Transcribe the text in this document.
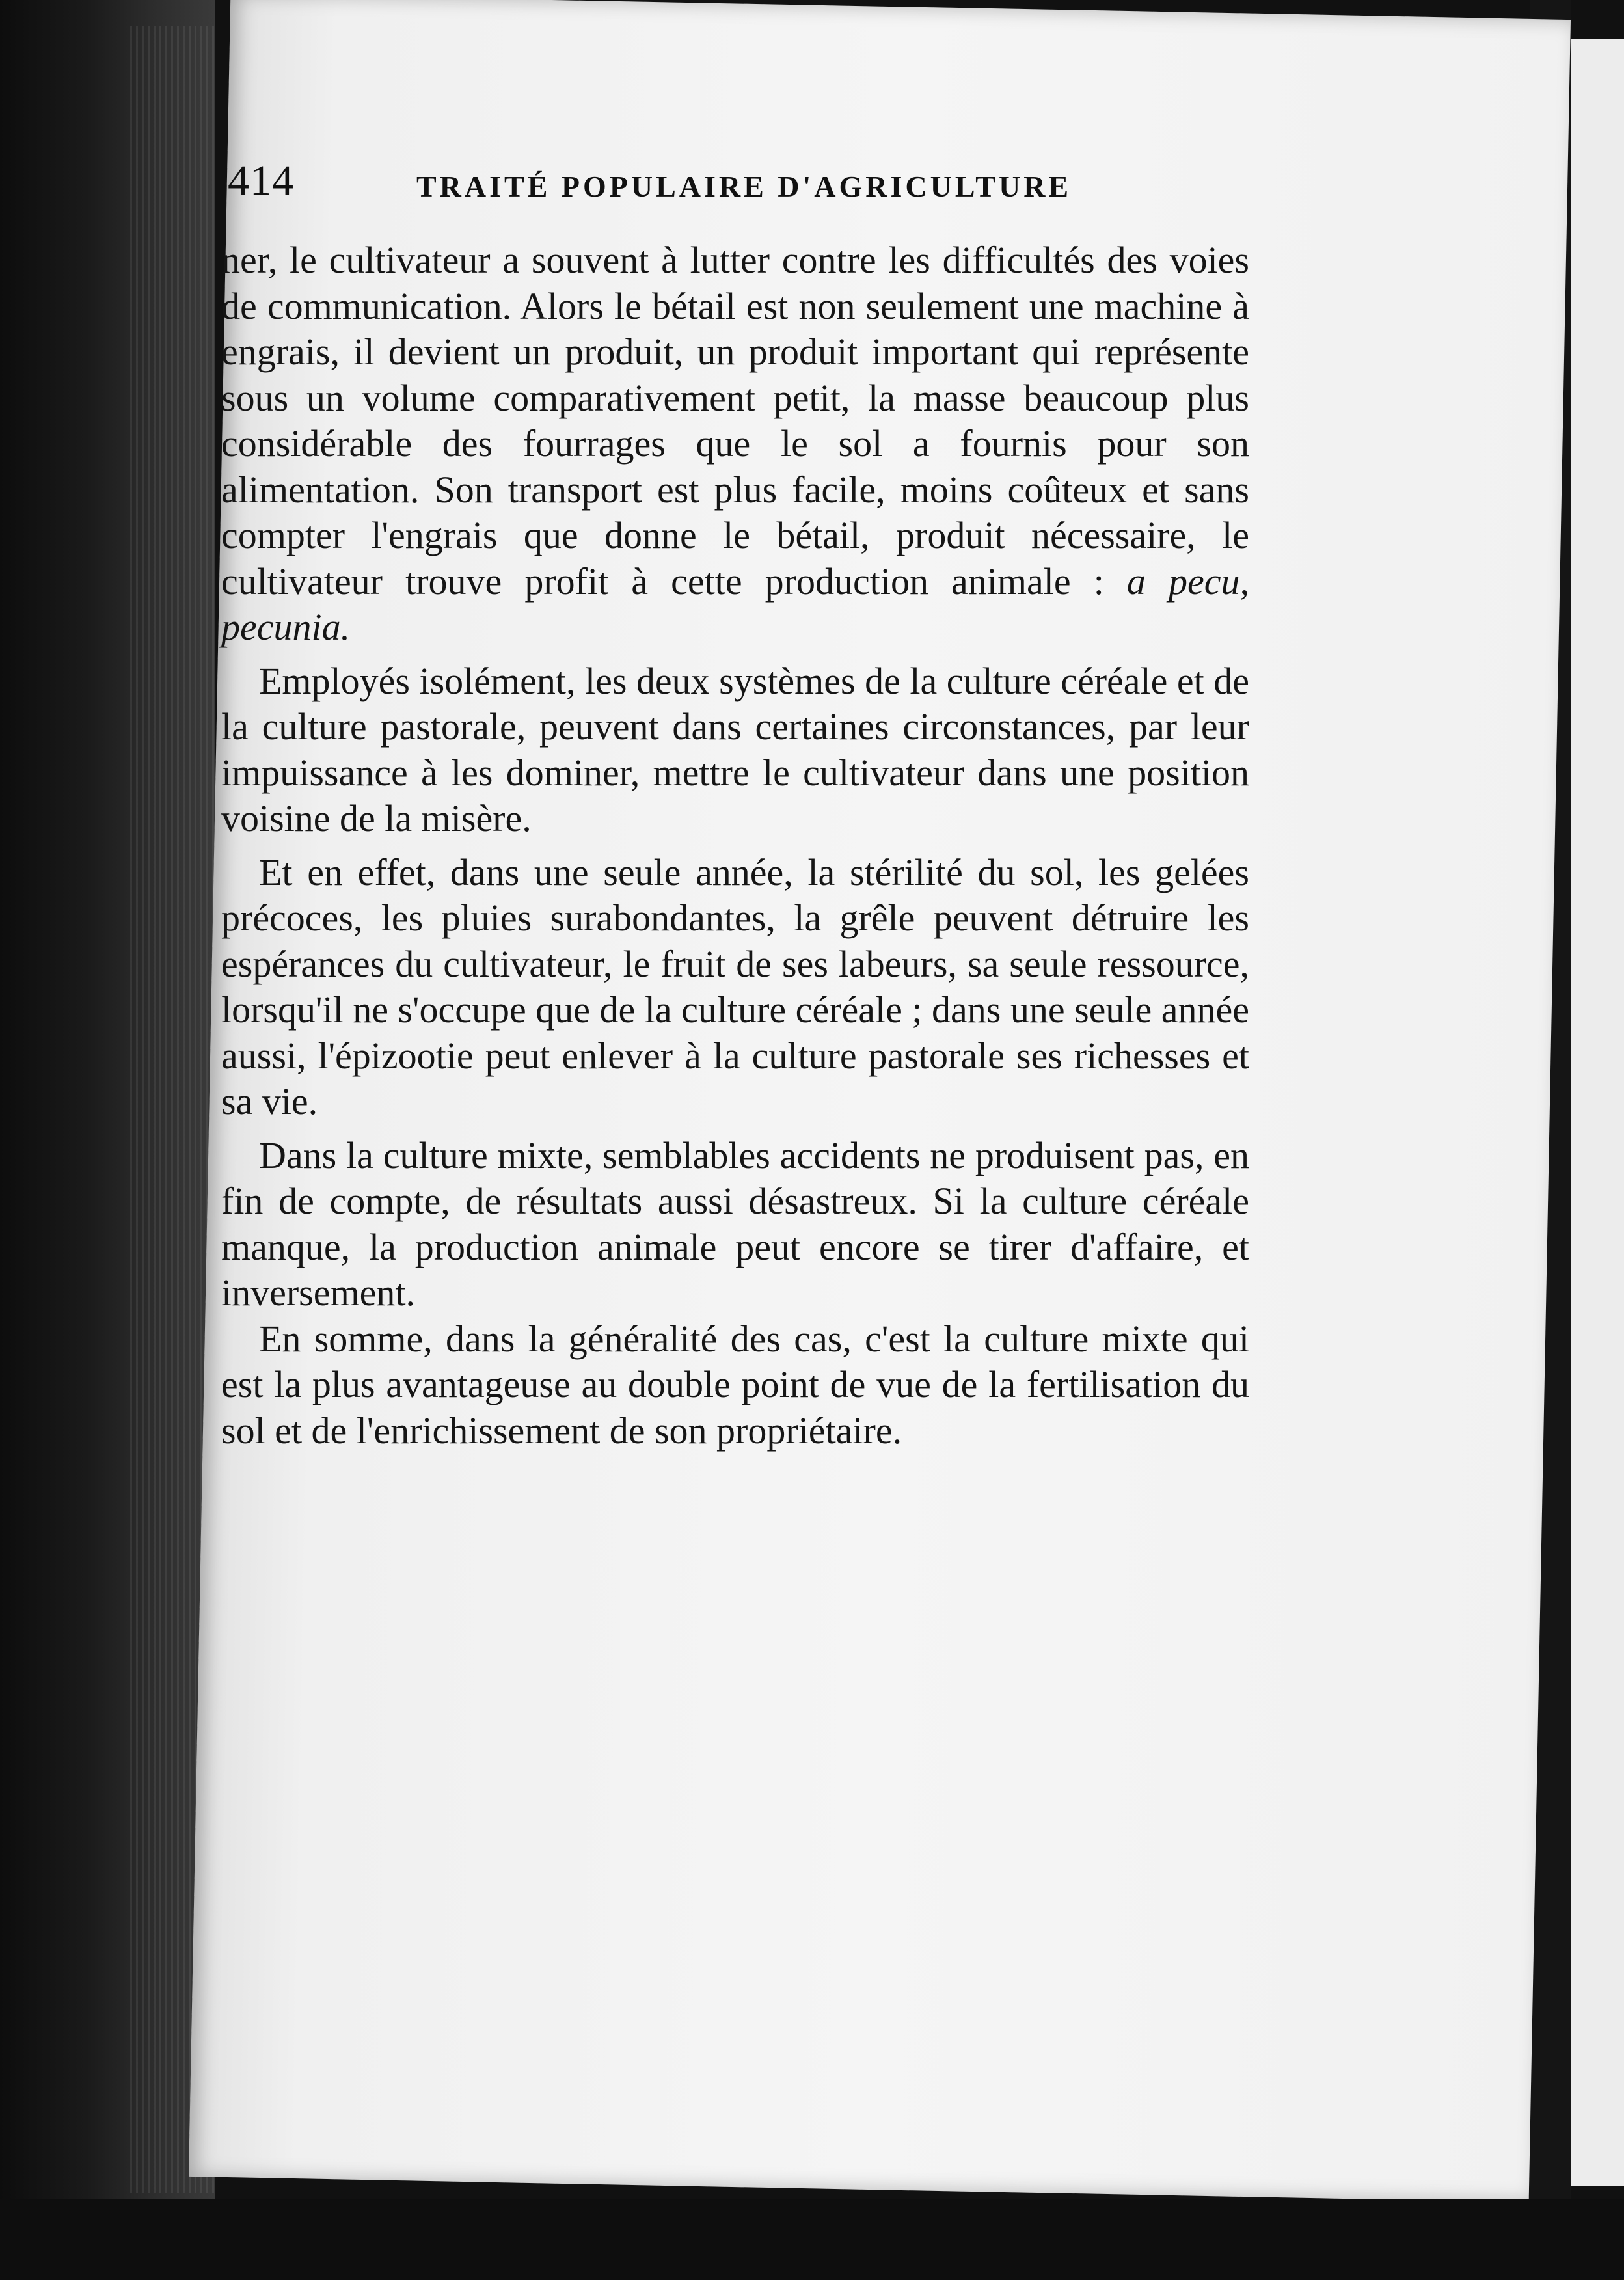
414	TRAITÉ POPULAIRE D'AGRICULTURE

ner, le cultivateur a souvent à lutter contre les difficultés des voies de communication. Alors le bétail est non seulement une machine à engrais, il devient un produit, un produit important qui représente sous un volume comparativement petit, la masse beaucoup plus considérable des fourrages que le sol a fournis pour son alimentation. Son transport est plus facile, moins coûteux et sans compter l'engrais que donne le bétail, produit nécessaire, le cultivateur trouve profit à cette production animale : a pecu, pecunia.

Employés isolément, les deux systèmes de la culture céréale et de la culture pastorale, peuvent dans certaines circonstances, par leur impuissance à les dominer, mettre le cultivateur dans une position voisine de la misère.

Et en effet, dans une seule année, la stérilité du sol, les gelées précoces, les pluies surabondantes, la grêle peuvent détruire les espérances du cultivateur, le fruit de ses labeurs, sa seule ressource, lorsqu'il ne s'occupe que de la culture céréale ; dans une seule année aussi, l'épizootie peut enlever à la culture pastorale ses richesses et sa vie.

Dans la culture mixte, semblables accidents ne produisent pas, en fin de compte, de résultats aussi désastreux. Si la culture céréale manque, la production animale peut encore se tirer d'affaire, et inversement.

En somme, dans la généralité des cas, c'est la culture mixte qui est la plus avantageuse au double point de vue de la fertilisation du sol et de l'enrichissement de son propriétaire.
